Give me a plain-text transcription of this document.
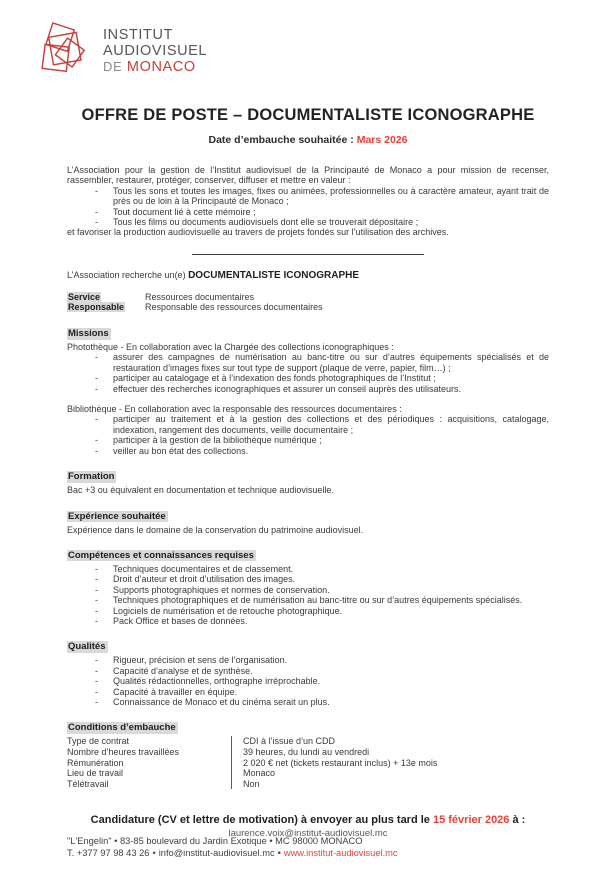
INSTITUT
AUDIOVISUEL
DE MONACO
OFFRE DE POSTE – DOCUMENTALISTE ICONOGRAPHE

Date d’embauche souhaitée : Mars 2026

L’Association pour la gestion de l’Institut audiovisuel de la Principauté de Monaco a pour mission de recenser, rassembler, restaurer, protéger, conserver, diffuser et mettre en valeur :

- Tous les sons et toutes les images, fixes ou animées, professionnelles ou à caractère amateur, ayant trait de près ou de loin à la Principauté de Monaco ;
- Tout document lié à cette mémoire ;
- Tous les films ou documents audiovisuels dont elle se trouverait dépositaire ;

et favoriser la production audiovisuelle au travers de projets fondés sur l’utilisation des archives.

L’Association recherche un(e) DOCUMENTALISTE ICONOGRAPHE

Service	Ressources documentaires
Responsable	Responsable des ressources documentaires
Missions

Photothèque - En collaboration avec la Chargée des collections iconographiques :

- assurer des campagnes de numérisation au banc-titre ou sur d’autres équipements spécialisés et de restauration d’images fixes sur tout type de support (plaque de verre, papier, film…) ;
- participer au catalogage et à l’indexation des fonds photographiques de l’Institut ;
- effectuer des recherches iconographiques et assurer un conseil auprès des utilisateurs.

Bibliothèque - En collaboration avec la responsable des ressources documentaires :

- participer au traitement et à la gestion des collections et des périodiques : acquisitions, catalogage, indexation, rangement des documents, veille documentaire ;
- participer à la gestion de la bibliothèque numérique ;
- veiller au bon état des collections.
Formation

Bac +3 ou équivalent en documentation et technique audiovisuelle.

Expérience souhaitée

Expérience dans le domaine de la conservation du patrimoine audiovisuel.

Compétences et connaissances requises
- Techniques documentaires et de classement.
- Droit d’auteur et droit d’utilisation des images.
- Supports photographiques et normes de conservation.
- Techniques photographiques et de numérisation au banc-titre ou sur d’autres équipements spécialisés.
- Logiciels de numérisation et de retouche photographique.
- Pack Office et bases de données.
Qualités
- Rigueur, précision et sens de l’organisation.
- Capacité d’analyse et de synthèse.
- Qualités rédactionnelles, orthographe irréprochable.
- Capacité à travailler en équipe.
- Connaissance de Monaco et du cinéma serait un plus.
Conditions d’embauche
Type de contrat	CDI à l’issue d’un CDD
Nombre d’heures travaillées	39 heures, du lundi au vendredi
Rémunération	2 020 € net (tickets restaurant inclus) + 13e mois
Lieu de travail	Monaco
Télétravail	Non

Candidature (CV et lettre de motivation) à envoyer au plus tard le 15 février 2026 à :

laurence.voix@institut-audiovisuel.mc

"L'Engelin" • 83-85 boulevard du Jardin Exotique • MC 98000 MONACO
T. +377 97 98 43 26 • info@institut-audiovisuel.mc • www.institut-audiovisuel.mc
